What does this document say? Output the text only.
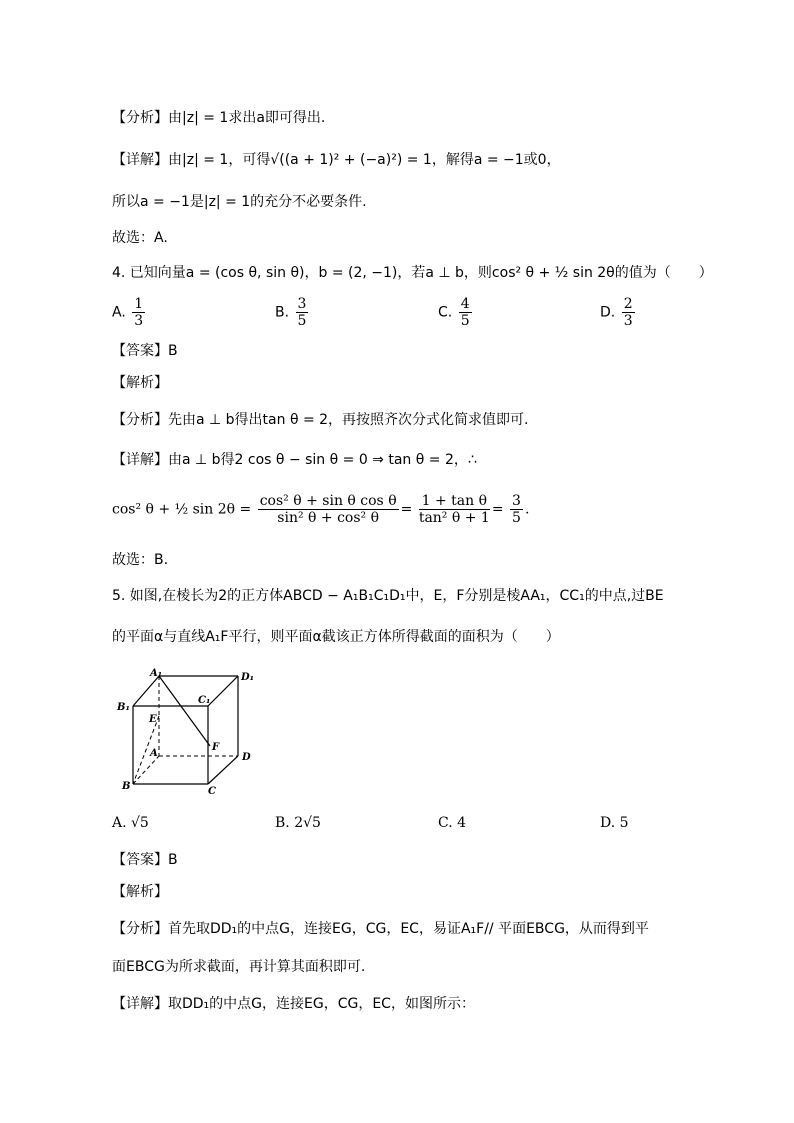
【分析】由|z| = 1求出a即可得出.
【详解】由|z| = 1，可得√((a + 1)² + (−a)²) = 1，解得a = −1或0，
所以a = −1是|z| = 1的充分不必要条件.
故选：A.
4. 已知向量a = (cos θ, sin θ)，b = (2, −1)，若a ⊥ b，则cos² θ + ½ sin 2θ的值为（　　）
A. $\frac{1}{3}$	B. $\frac{3}{5}$	C. $\frac{4}{5}$	D. $\frac{2}{3}$
【答案】B
【解析】
【分析】先由a ⊥ b得出tan θ = 2，再按照齐次分式化简求值即可.
【详解】由a ⊥ b得2 cos θ − sin θ = 0 ⇒ tan θ = 2，∴
cos² θ + ½ $\sin 2\theta = \frac{\text{cos² θ + sin θ cos θ}}{\text{sin² θ + cos² θ}} = \frac{\text{1 + tan θ}}{\text{tan² θ + 1}} = \frac{3}{5}$ .
故选：B.
5. 如图,在棱长为2的正方体ABCD − A₁B₁C₁D₁中，E，F分别是棱AA₁，CC₁的中点,过BE
的平面α与直线A₁F平行，则平面α截该正方体所得截面的面积为（　　）
A₁	D₁
B₁
C₁
E
F
A	D
B	C
A. √5	B. 2√5	C. 4	D. 5
【答案】B
【解析】
【分析】首先取DD₁的中点G，连接EG，CG，EC，易证A₁F// 平面EBCG，从而得到平
面EBCG为所求截面，再计算其面积即可.
【详解】取DD₁的中点G，连接EG，CG，EC，如图所示：
